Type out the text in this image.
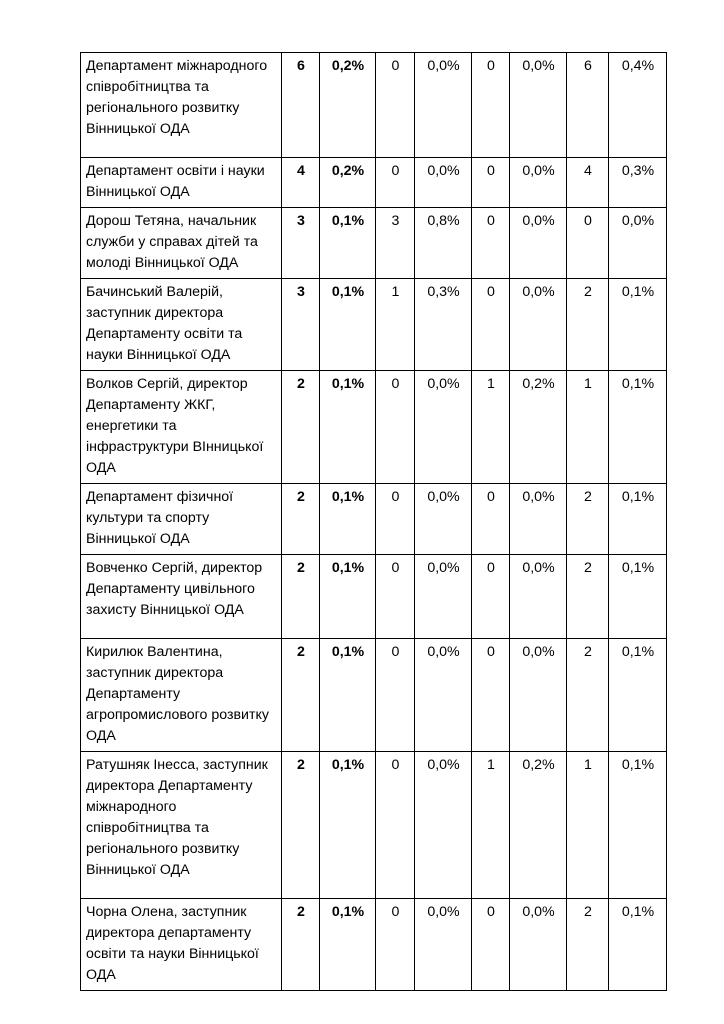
Департамент міжнародного співробітництва та регіонального розвитку Вінницької ОДА	6	0,2%	0	0,0%	0	0,0%	6	0,4%
Департамент освіти і науки Вінницької ОДА	4	0,2%	0	0,0%	0	0,0%	4	0,3%
Дорош Тетяна, начальник служби у справах дітей та молоді Вінницької ОДА	3	0,1%	3	0,8%	0	0,0%	0	0,0%
Бачинський Валерій, заступник директора Департаменту освіти та науки Вінницької ОДА	3	0,1%	1	0,3%	0	0,0%	2	0,1%
Волков Сергій, директор Департаменту ЖКГ, енергетики та інфраструктури ВІнницької ОДА	2	0,1%	0	0,0%	1	0,2%	1	0,1%
Департамент фізичної культури та спорту Вінницької ОДА	2	0,1%	0	0,0%	0	0,0%	2	0,1%
Вовченко Сергій, директор Департаменту цивільного захисту Вінницької ОДА	2	0,1%	0	0,0%	0	0,0%	2	0,1%
Кирилюк Валентина, заступник директора Департаменту агропромислового розвитку ОДА	2	0,1%	0	0,0%	0	0,0%	2	0,1%
Ратушняк Інесса, заступник директора Департаменту міжнародного співробітництва та регіонального розвитку Вінницької ОДА	2	0,1%	0	0,0%	1	0,2%	1	0,1%
Чорна Олена, заступник директора департаменту освіти та науки Вінницької ОДА	2	0,1%	0	0,0%	0	0,0%	2	0,1%
